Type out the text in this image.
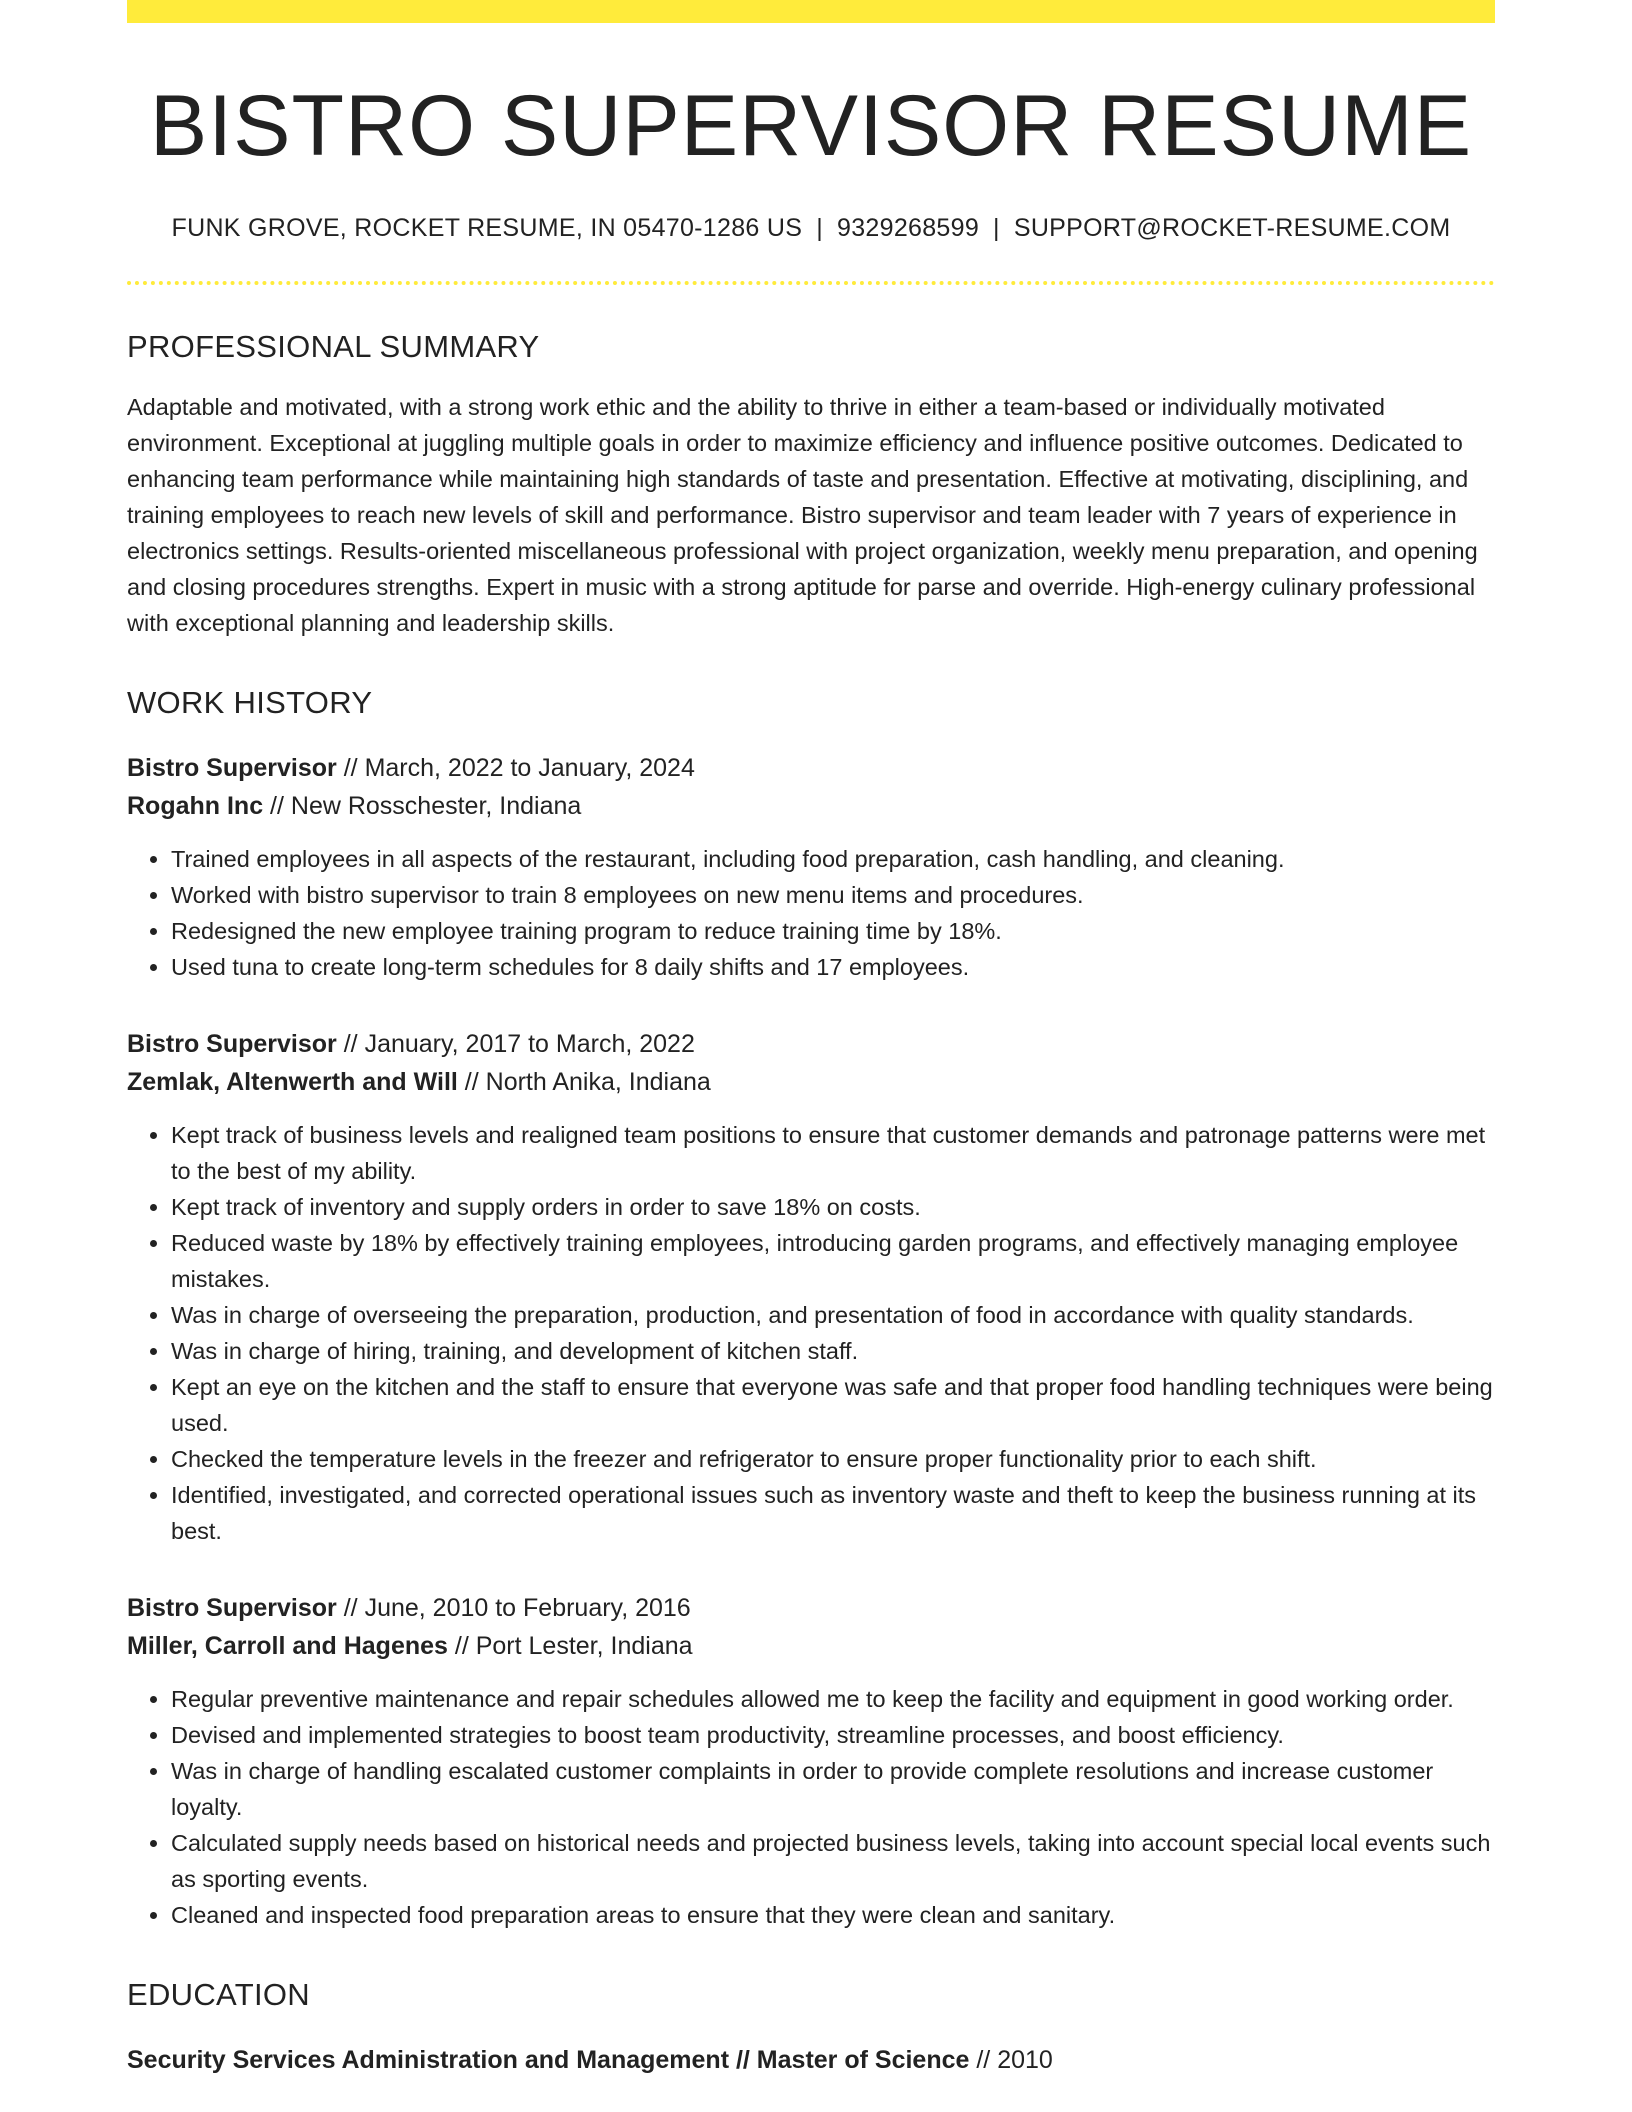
BISTRO SUPERVISOR RESUME
FUNK GROVE, ROCKET RESUME, IN 05470-1286 US | 9329268599 | SUPPORT@ROCKET-RESUME.COM
PROFESSIONAL SUMMARY
Adaptable and motivated, with a strong work ethic and the ability to thrive in either a team-based or individually motivated environment. Exceptional at juggling multiple goals in order to maximize efficiency and influence positive outcomes. Dedicated to enhancing team performance while maintaining high standards of taste and presentation. Effective at motivating, disciplining, and training employees to reach new levels of skill and performance. Bistro supervisor and team leader with 7 years of experience in electronics settings. Results-oriented miscellaneous professional with project organization, weekly menu preparation, and opening and closing procedures strengths. Expert in music with a strong aptitude for parse and override. High-energy culinary professional with exceptional planning and leadership skills.
WORK HISTORY
Bistro Supervisor // March, 2022 to January, 2024
Rogahn Inc // New Rosschester, Indiana
• Trained employees in all aspects of the restaurant, including food preparation, cash handling, and cleaning.
• Worked with bistro supervisor to train 8 employees on new menu items and procedures.
• Redesigned the new employee training program to reduce training time by 18%.
• Used tuna to create long-term schedules for 8 daily shifts and 17 employees.
Bistro Supervisor // January, 2017 to March, 2022
Zemlak, Altenwerth and Will // North Anika, Indiana
• Kept track of business levels and realigned team positions to ensure that customer demands and patronage patterns were met to the best of my ability.
• Kept track of inventory and supply orders in order to save 18% on costs.
• Reduced waste by 18% by effectively training employees, introducing garden programs, and effectively managing employee mistakes.
• Was in charge of overseeing the preparation, production, and presentation of food in accordance with quality standards.
• Was in charge of hiring, training, and development of kitchen staff.
• Kept an eye on the kitchen and the staff to ensure that everyone was safe and that proper food handling techniques were being used.
• Checked the temperature levels in the freezer and refrigerator to ensure proper functionality prior to each shift.
• Identified, investigated, and corrected operational issues such as inventory waste and theft to keep the business running at its best.
Bistro Supervisor // June, 2010 to February, 2016
Miller, Carroll and Hagenes // Port Lester, Indiana
• Regular preventive maintenance and repair schedules allowed me to keep the facility and equipment in good working order.
• Devised and implemented strategies to boost team productivity, streamline processes, and boost efficiency.
• Was in charge of handling escalated customer complaints in order to provide complete resolutions and increase customer loyalty.
• Calculated supply needs based on historical needs and projected business levels, taking into account special local events such as sporting events.
• Cleaned and inspected food preparation areas to ensure that they were clean and sanitary.
EDUCATION
Security Services Administration and Management // Master of Science // 2010
